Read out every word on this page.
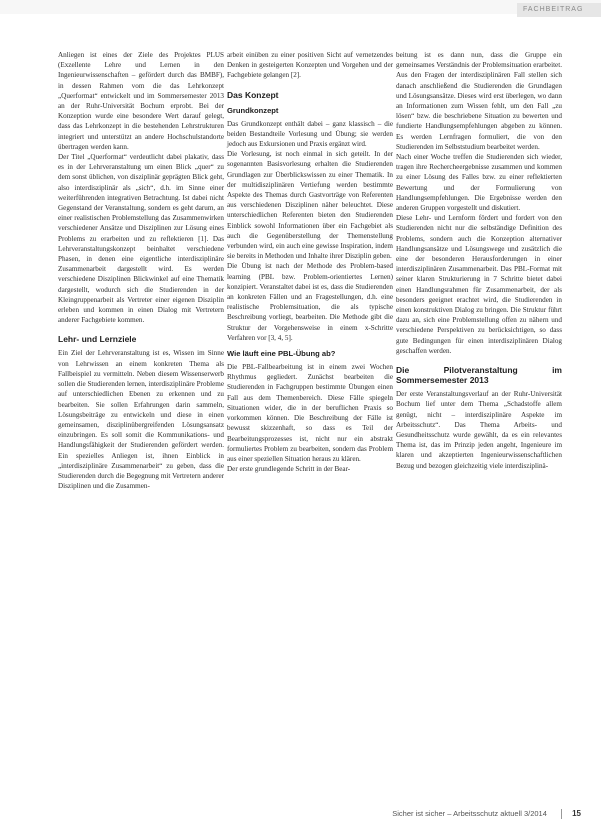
FACHBEITRAG

Anliegen ist eines der Ziele des Projektes PLUS (Exzellente Lehre und Lernen in den Ingenieurwissenschaften – gefördert durch das BMBF), in dessen Rahmen vom die das Lehrkonzept „Querformat“ entwickelt und im Sommersemester 2013 an der Ruhr-Universität Bochum erprobt. Bei der Konzeption wurde eine besondere Wert darauf gelegt, dass das Lehrkonzept in die bestehenden Lehrstrukturen integriert und unterstützt an andere Hochschulstandorte übertragen werden kann.

Der Titel „Querformat“ verdeutlicht dabei plakativ, dass es in der Lehrveranstaltung um einen Blick „quer“ zu dem sonst üblichen, von disziplinär geprägten Blick geht, also interdisziplinär als „sich“, d.h. im Sinne einer weiterführenden integrativen Betrachtung. Ist dabei nicht Gegenstand der Veranstaltung, sondern es geht darum, an einer realistischen Problemstellung das Zusammenwirken verschiedener Ansätze und Disziplinen zur Lösung eines Problems zu erarbeiten und zu reflektieren [1]. Das Lehrveranstaltungskonzept beinhaltet verschiedene Phasen, in denen eine eigentliche interdisziplinäre Zusammenarbeit dargestellt wird. Es werden verschiedene Disziplinen Blickwinkel auf eine Thematik dargestellt, wodurch sich die Studierenden in der Kleingruppenarbeit als Vertreter einer eigenen Disziplin erleben und kommen in einen Dialog mit Vertretern anderer Fachgebiete kommen.

Lehr- und Lernziele

Ein Ziel der Lehrveranstaltung ist es, Wissen im Sinne von Lehrwissen an einem konkreten Thema als Fallbeispiel zu vermitteln. Neben diesem Wissenserwerb sollen die Studierenden lernen, interdisziplinäre Probleme auf unterschiedlichen Ebenen zu erkennen und zu bearbeiten. Sie sollen Erfahrungen darin sammeln, Lösungsbeiträge zu entwickeln und diese in einen gemeinsamen, disziplinübergreifenden Lösungsansatz einzubringen. Es soll somit die Kommunikations- und Handlungsfähigkeit der Studierenden gefördert werden. Ein spezielles Anliegen ist, ihnen Einblick in „interdisziplinäre Zusammenarbeit“ zu geben, dass die Studierenden durch die Begegnung mit Vertretern anderer Disziplinen und die Zusammen-

arbeit einüben zu einer positiven Sicht auf vernetzendes Denken in gesteigerten Konzepten und Vorgehen und der Fachgebiete gelangen [2].

Das Konzept
Grundkonzept

Das Grundkonzept enthält dabei – ganz klassisch – die beiden Bestandteile Vorlesung und Übung; sie werden jedoch aus Exkursionen und Praxis ergänzt wird.

Die Vorlesung, ist noch einmal in sich geteilt. In der sogenannten Basisvorlesung erhalten die Studierenden Grundlagen zur Überblickswissen zu einer Thematik. In der multidisziplinären Vertiefung werden bestimmte Aspekte des Themas durch Gastvorträge von Referenten aus verschiedenen Disziplinen näher beleuchtet. Diese unterschiedlichen Referenten bieten den Studierenden Einblick sowohl Informationen über ein Fachgebiet als auch die Gegenüberstellung der Themenstellung verbunden wird, ein auch eine gewisse Inspiration, indem sie bereits in Methoden und Inhalte ihrer Disziplin geben.

Die Übung ist nach der Methode des Problem-based learning (PBL bzw. Problem-orientiertes Lernen) konzipiert. Veranstaltet dabei ist es, dass die Studierenden an konkreten Fällen und an Fragestellungen, d.h. eine realistische Problemsituation, die als typische Beschreibung vorliegt, bearbeiten. Die Methode gibt die Struktur der Vorgehensweise in einem x-Schritte Verfahren vor [3, 4, 5].

Wie läuft eine PBL-Übung ab?

Die PBL-Fallbearbeitung ist in einem zwei Wochen Rhythmus gegliedert. Zunächst bearbeiten die Studierenden in Fachgruppen bestimmte Übungen einen Fall aus dem Themenbereich. Diese Fälle spiegeln Situationen wider, die in der beruflichen Praxis so vorkommen können. Die Beschreibung der Fälle ist bewusst skizzenhaft, so dass es Teil der Bearbeitungsprozesses ist, nicht nur ein abstrakt formuliertes Problem zu bearbeiten, sondern das Problem aus einer speziellen Situation heraus zu klären.

Der erste grundlegende Schritt in der Bear-

beitung ist es dann nun, dass die Gruppe ein gemeinsames Verständnis der Problemsituation erarbeitet. Aus den Fragen der interdisziplinären Fall stellen sich danach anschließend die Studierenden die Grundlagen und Lösungsansätze. Dieses wird erst überlegen, wo dann an Informationen zum Wissen fehlt, um den Fall „zu lösen“ bzw. die beschriebene Situation zu bewerten und fundierte Handlungsempfehlungen abgeben zu können. Es werden Lernfragen formuliert, die von den Studierenden im Selbststudium bearbeitet werden.

Nach einer Woche treffen die Studierenden sich wieder, tragen ihre Rechercheergebnisse zusammen und kommen zu einer Lösung des Falles bzw. zu einer reflektierten Bewertung und der Formulierung von Handlungsempfehlungen. Die Ergebnisse werden den anderen Gruppen vorgestellt und diskutiert.

Diese Lehr- und Lernform fördert und fordert von den Studierenden nicht nur die selbständige Definition des Problems, sondern auch die Konzeption alternativer Handlungsansätze und Lösungswege und zusätzlich die eine der besonderen Herausforderungen in einer interdisziplinären Zusammenarbeit. Das PBL-Format mit seiner klaren Strukturierung in 7 Schritte bietet dabei einen Handlungsrahmen für Zusammenarbeit, der als besonders geeignet erachtet wird, die Studierenden in einen konstruktiven Dialog zu bringen. Die Struktur führt dazu an, sich eine Problemstellung offen zu nähern und verschiedene Perspektiven zu berücksichtigen, so dass gute Bedingungen für einen interdisziplinären Dialog geschaffen werden.

Die Pilotveranstaltung im Sommersemester 2013

Der erste Veranstaltungsverlauf an der Ruhr-Universität Bochum lief unter dem Thema „Schadstoffe allem genügt, nicht – interdisziplinäre Aspekte im Arbeitsschutz“. Das Thema Arbeits- und Gesundheitsschutz wurde gewählt, da es ein relevantes Thema ist, das im Prinzip jeden angeht, Ingenieure im klaren und akzeptierten Ingenieurwissenschaftlichen Bezug und bezogen gleichzeitig viele interdisziplinä-

Sicher ist sicher – Arbeitsschutz aktuell 3/2014	15
